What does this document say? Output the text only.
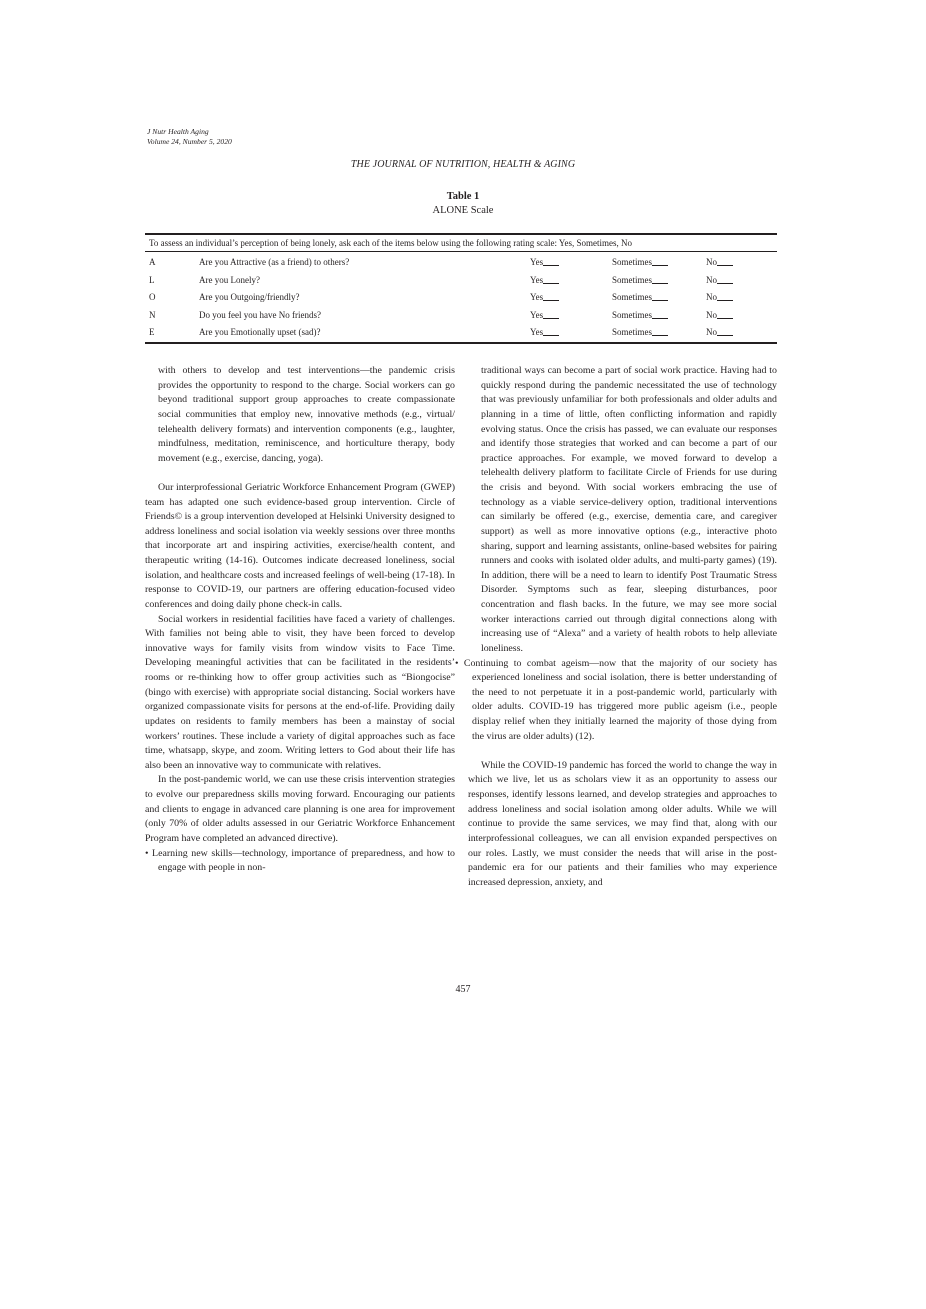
J Nutr Health Aging
Volume 24, Number 5, 2020
THE JOURNAL OF NUTRITION, HEALTH & AGING
Table 1
ALONE Scale
To assess an individual’s perception of being lonely, ask each of the items below using the following rating scale: Yes, Sometimes, No
A	Are you Attractive (as a friend) to others?	Yes	Sometimes	No
L	Are you Lonely?	Yes	Sometimes	No
O	Are you Outgoing/friendly?	Yes	Sometimes	No
N	Do you feel you have No friends?	Yes	Sometimes	No
E	Are you Emotionally upset (sad)?	Yes	Sometimes	No

with others to develop and test interventions—the pandemic crisis provides the opportunity to respond to the charge. Social workers can go beyond traditional support group approaches to create compassionate social communities that employ new, innovative methods (e.g., virtual/ telehealth delivery formats) and intervention components (e.g., laughter, mindfulness, meditation, reminiscence, and horticulture therapy, body movement (e.g., exercise, dancing, yoga).

Our interprofessional Geriatric Workforce Enhancement Program (GWEP) team has adapted one such evidence-based group intervention. Circle of Friends© is a group intervention developed at Helsinki University designed to address loneliness and social isolation via weekly sessions over three months that incorporate art and inspiring activities, exercise/health content, and therapeutic writing (14-16). Outcomes indicate decreased loneliness, social isolation, and healthcare costs and increased feelings of well-being (17-18). In response to COVID-19, our partners are offering education-focused video conferences and doing daily phone check-in calls.

Social workers in residential facilities have faced a variety of challenges. With families not being able to visit, they have been forced to develop innovative ways for family visits from window visits to Face Time. Developing meaningful activities that can be facilitated in the residents’ rooms or re-thinking how to offer group activities such as “Biongocise” (bingo with exercise) with appropriate social distancing. Social workers have organized compassionate visits for persons at the end-of-life. Providing daily updates on residents to family members has been a mainstay of social workers’ routines. These include a variety of digital approaches such as face time, whatsapp, skype, and zoom. Writing letters to God about their life has also been an innovative way to communicate with relatives.

In the post-pandemic world, we can use these crisis intervention strategies to evolve our preparedness skills moving forward. Encouraging our patients and clients to engage in advanced care planning is one area for improvement (only 70% of older adults assessed in our Geriatric Workforce Enhancement Program have completed an advanced directive).

• Learning new skills—technology, importance of preparedness, and how to engage with people in non-

traditional ways can become a part of social work practice. Having had to quickly respond during the pandemic necessitated the use of technology that was previously unfamiliar for both professionals and older adults and planning in a time of little, often conflicting information and rapidly evolving status. Once the crisis has passed, we can evaluate our responses and identify those strategies that worked and can become a part of our practice approaches. For example, we moved forward to develop a telehealth delivery platform to facilitate Circle of Friends for use during the crisis and beyond. With social workers embracing the use of technology as a viable service-delivery option, traditional interventions can similarly be offered (e.g., exercise, dementia care, and caregiver support) as well as more innovative options (e.g., interactive photo sharing, support and learning assistants, online-based websites for pairing runners and cooks with isolated older adults, and multi-party games) (19). In addition, there will be a need to learn to identify Post Traumatic Stress Disorder. Symptoms such as fear, sleeping disturbances, poor concentration and flash backs. In the future, we may see more social worker interactions carried out through digital connections along with increasing use of “Alexa” and a variety of health robots to help alleviate loneliness.

• Continuing to combat ageism—now that the majority of our society has experienced loneliness and social isolation, there is better understanding of the need to not perpetuate it in a post-pandemic world, particularly with older adults. COVID-19 has triggered more public ageism (i.e., people display relief when they initially learned the majority of those dying from the virus are older adults) (12).

While the COVID-19 pandemic has forced the world to change the way in which we live, let us as scholars view it as an opportunity to assess our responses, identify lessons learned, and develop strategies and approaches to address loneliness and social isolation among older adults. While we will continue to provide the same services, we may find that, along with our interprofessional colleagues, we can all envision expanded perspectives on our roles. Lastly, we must consider the needs that will arise in the post-pandemic era for our patients and their families who may experience increased depression, anxiety, and

457
